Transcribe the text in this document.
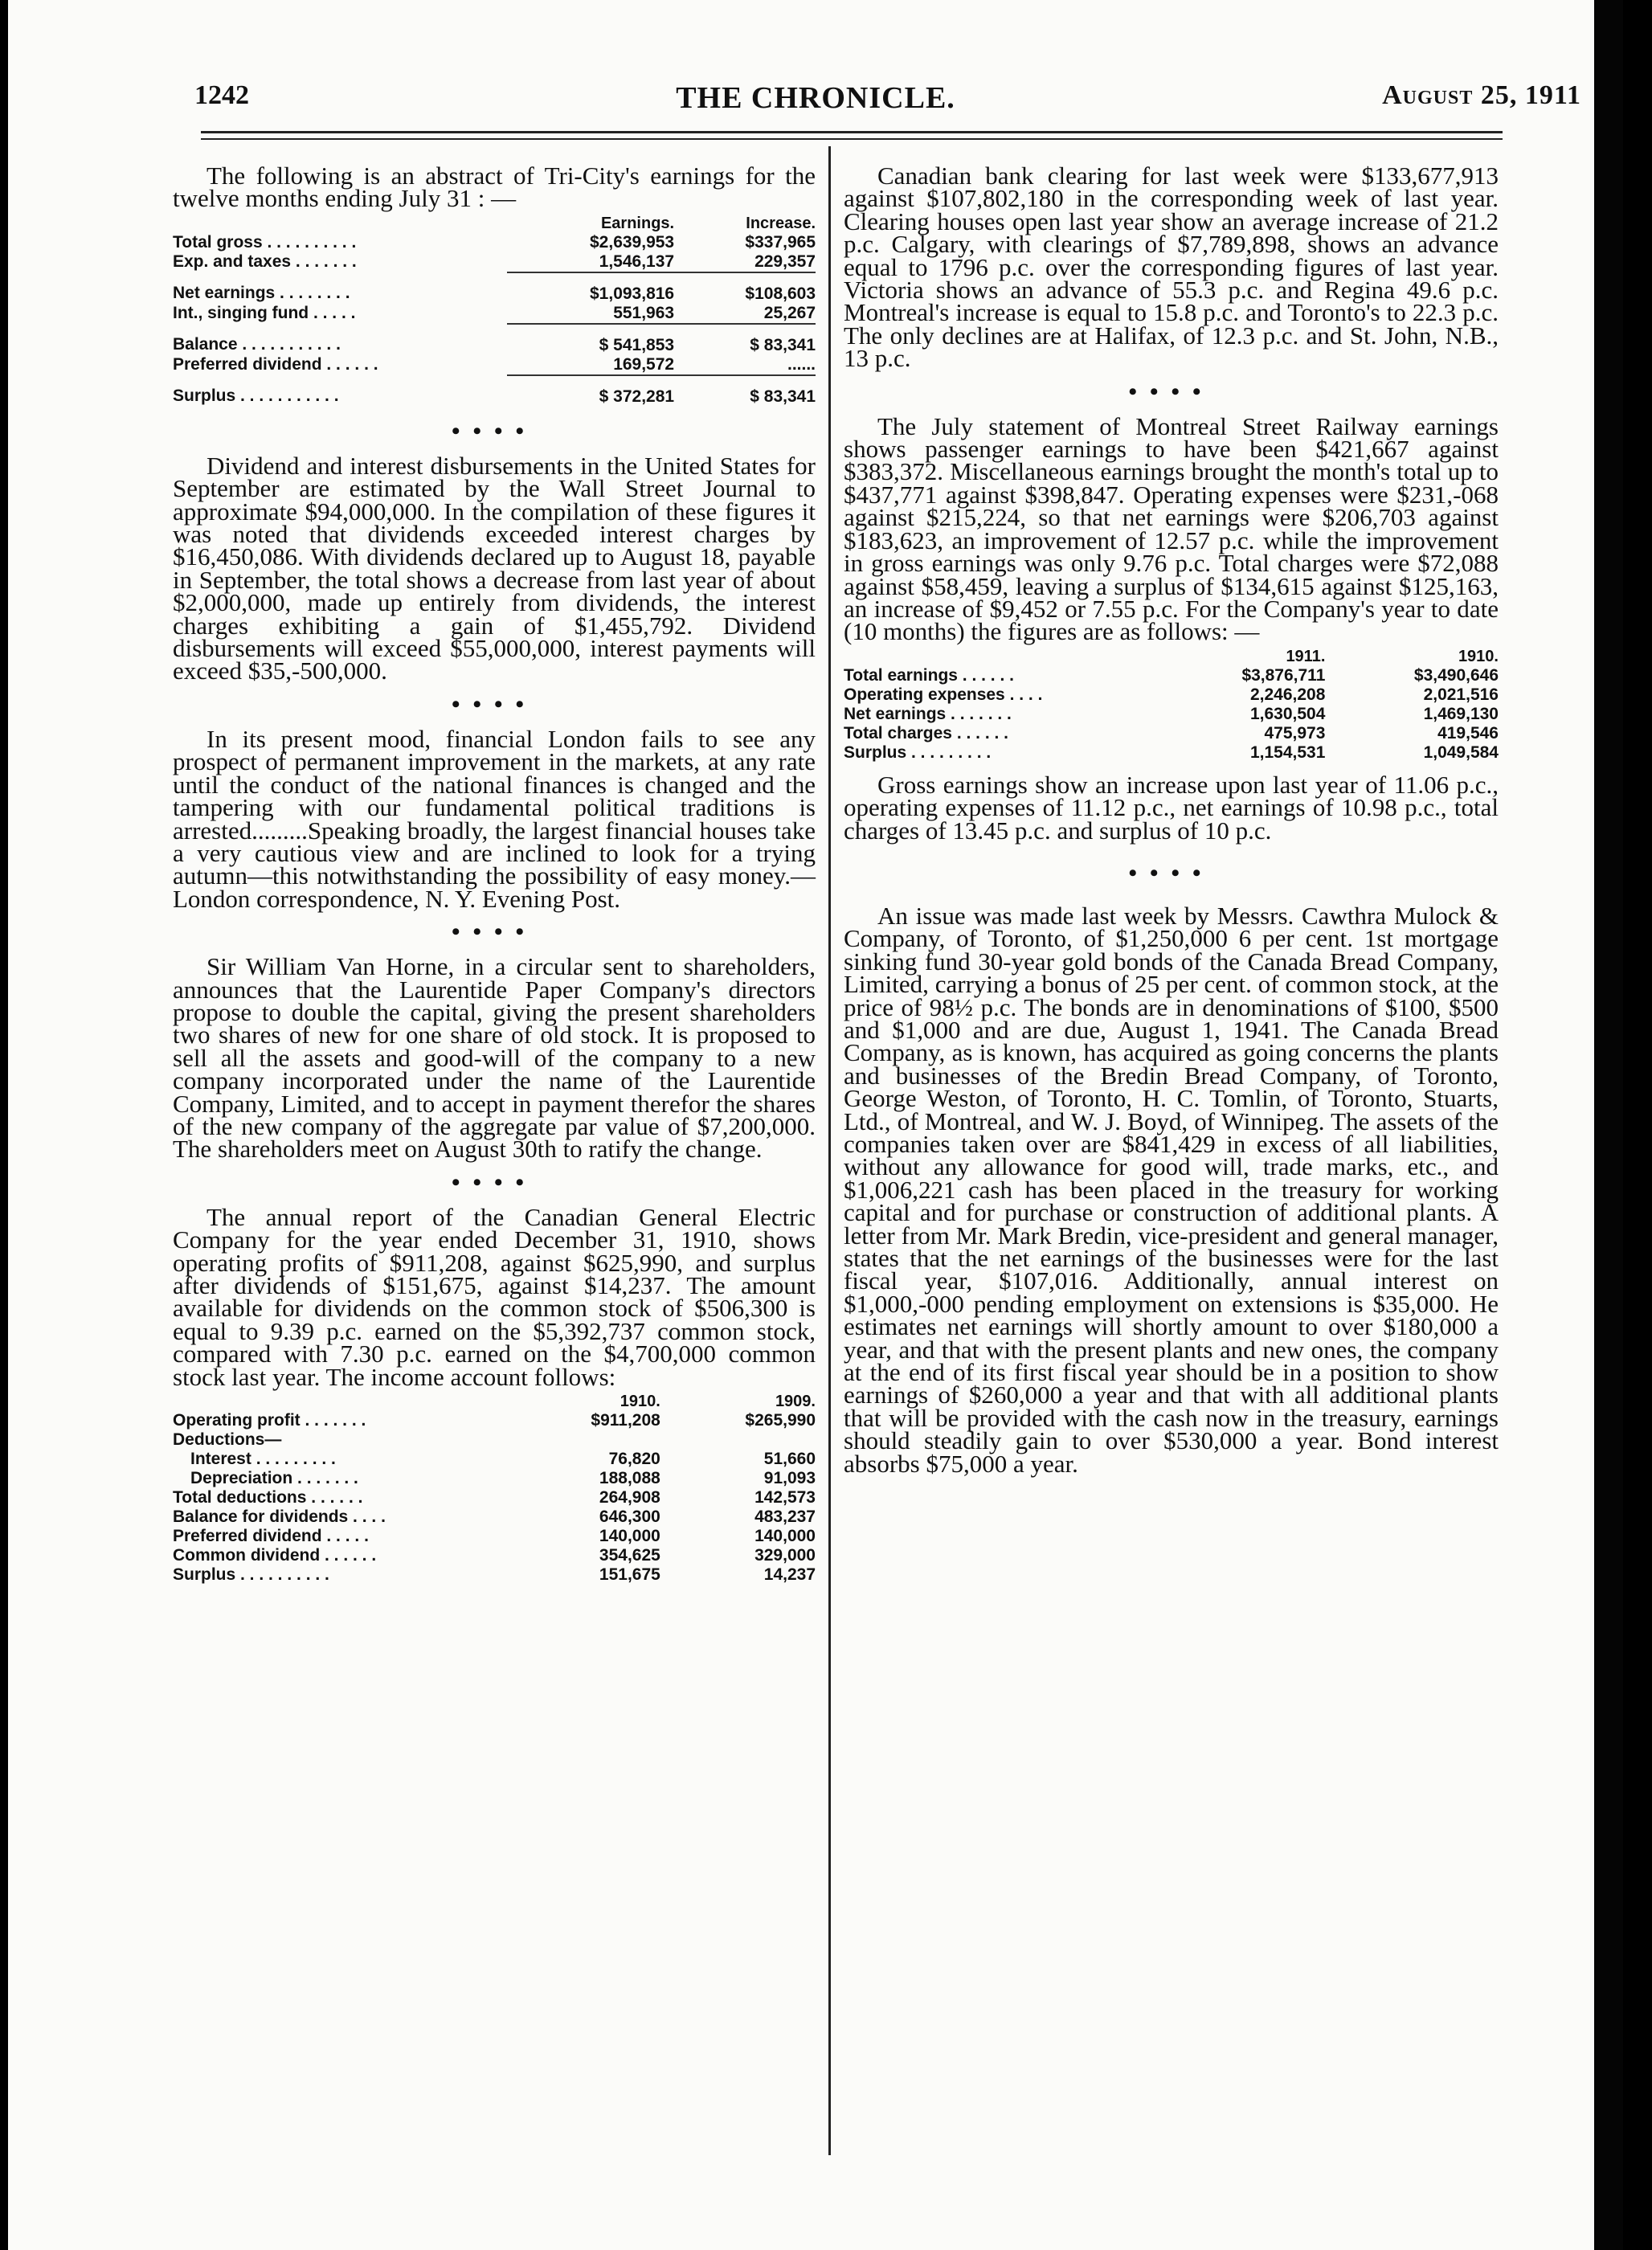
1242	THE CHRONICLE.	August 25, 1911

The following is an abstract of Tri-City's earnings for the twelve months ending July 31 : —

	Earnings.	Increase.
Total gross . . . . . . . . . .	$2,639,953	$337,965
Exp. and taxes . . . . . . .	1,546,137	229,357
Net earnings . . . . . . . .	$1,093,816	$108,603
Int., singing fund . . . . .	551,963	25,267
Balance . . . . . . . . . . .	$ 541,853	$ 83,341
Preferred dividend . . . . . .	169,572	......
Surplus . . . . . . . . . . .	$ 372,281	$ 83,341
••••

Dividend and interest disbursements in the United States for September are estimated by the Wall Street Journal to approximate $94,000,000. In the compilation of these figures it was noted that dividends exceeded interest charges by $16,450,086. With dividends declared up to August 18, payable in September, the total shows a decrease from last year of about $2,000,000, made up entirely from dividends, the interest charges exhibiting a gain of $1,455,792. Dividend disbursements will exceed $55,000,000, interest payments will exceed $35,-500,000.

••••

In its present mood, financial London fails to see any prospect of permanent improvement in the markets, at any rate until the conduct of the national finances is changed and the tampering with our fundamental political traditions is arrested.........Speaking broadly, the largest financial houses take a very cautious view and are inclined to look for a trying autumn—this notwithstanding the possibility of easy money.—London correspondence, N. Y. Evening Post.

••••

Sir William Van Horne, in a circular sent to shareholders, announces that the Laurentide Paper Company's directors propose to double the capital, giving the present shareholders two shares of new for one share of old stock. It is proposed to sell all the assets and good-will of the company to a new company incorporated under the name of the Laurentide Company, Limited, and to accept in payment therefor the shares of the new company of the aggregate par value of $7,200,000. The shareholders meet on August 30th to ratify the change.

••••

The annual report of the Canadian General Electric Company for the year ended December 31, 1910, shows operating profits of $911,208, against $625,990, and surplus after dividends of $151,675, against $14,237. The amount available for dividends on the common stock of $506,300 is equal to 9.39 p.c. earned on the $5,392,737 common stock, compared with 7.30 p.c. earned on the $4,700,000 common stock last year. The income account follows:

	1910.	1909.
Operating profit . . . . . . .	$911,208	$265,990
Deductions—		
Interest . . . . . . . . .	76,820	51,660
Depreciation . . . . . . .	188,088	91,093
Total deductions . . . . . .	264,908	142,573
Balance for dividends . . . .	646,300	483,237
Preferred dividend . . . . .	140,000	140,000
Common dividend . . . . . .	354,625	329,000
Surplus . . . . . . . . . .	151,675	14,237

Canadian bank clearing for last week were $133,677,913 against $107,802,180 in the corresponding week of last year. Clearing houses open last year show an average increase of 21.2 p.c. Calgary, with clearings of $7,789,898, shows an advance equal to 1796 p.c. over the corresponding figures of last year. Victoria shows an advance of 55.3 p.c. and Regina 49.6 p.c. Montreal's increase is equal to 15.8 p.c. and Toronto's to 22.3 p.c. The only declines are at Halifax, of 12.3 p.c. and St. John, N.B., 13 p.c.

••••

The July statement of Montreal Street Railway earnings shows passenger earnings to have been $421,667 against $383,372. Miscellaneous earnings brought the month's total up to $437,771 against $398,847. Operating expenses were $231,-068 against $215,224, so that net earnings were $206,703 against $183,623, an improvement of 12.57 p.c. while the improvement in gross earnings was only 9.76 p.c. Total charges were $72,088 against $58,459, leaving a surplus of $134,615 against $125,163, an increase of $9,452 or 7.55 p.c. For the Company's year to date (10 months) the figures are as follows: —

	1911.	1910.
Total earnings . . . . . .	$3,876,711	$3,490,646
Operating expenses . . . .	2,246,208	2,021,516
Net earnings . . . . . . .	1,630,504	1,469,130
Total charges . . . . . .	475,973	419,546
Surplus . . . . . . . . .	1,154,531	1,049,584

Gross earnings show an increase upon last year of 11.06 p.c., operating expenses of 11.12 p.c., net earnings of 10.98 p.c., total charges of 13.45 p.c. and surplus of 10 p.c.

••••

An issue was made last week by Messrs. Cawthra Mulock & Company, of Toronto, of $1,250,000 6 per cent. 1st mortgage sinking fund 30-year gold bonds of the Canada Bread Company, Limited, carrying a bonus of 25 per cent. of common stock, at the price of 98½ p.c. The bonds are in denominations of $100, $500 and $1,000 and are due, August 1, 1941. The Canada Bread Company, as is known, has acquired as going concerns the plants and businesses of the Bredin Bread Company, of Toronto, George Weston, of Toronto, H. C. Tomlin, of Toronto, Stuarts, Ltd., of Montreal, and W. J. Boyd, of Winnipeg. The assets of the companies taken over are $841,429 in excess of all liabilities, without any allowance for good will, trade marks, etc., and $1,006,221 cash has been placed in the treasury for working capital and for purchase or construction of additional plants. A letter from Mr. Mark Bredin, vice-president and general manager, states that the net earnings of the businesses were for the last fiscal year, $107,016. Additionally, annual interest on $1,000,-000 pending employment on extensions is $35,000. He estimates net earnings will shortly amount to over $180,000 a year, and that with the present plants and new ones, the company at the end of its first fiscal year should be in a position to show earnings of $260,000 a year and that with all additional plants that will be provided with the cash now in the treasury, earnings should steadily gain to over $530,000 a year. Bond interest absorbs $75,000 a year.
